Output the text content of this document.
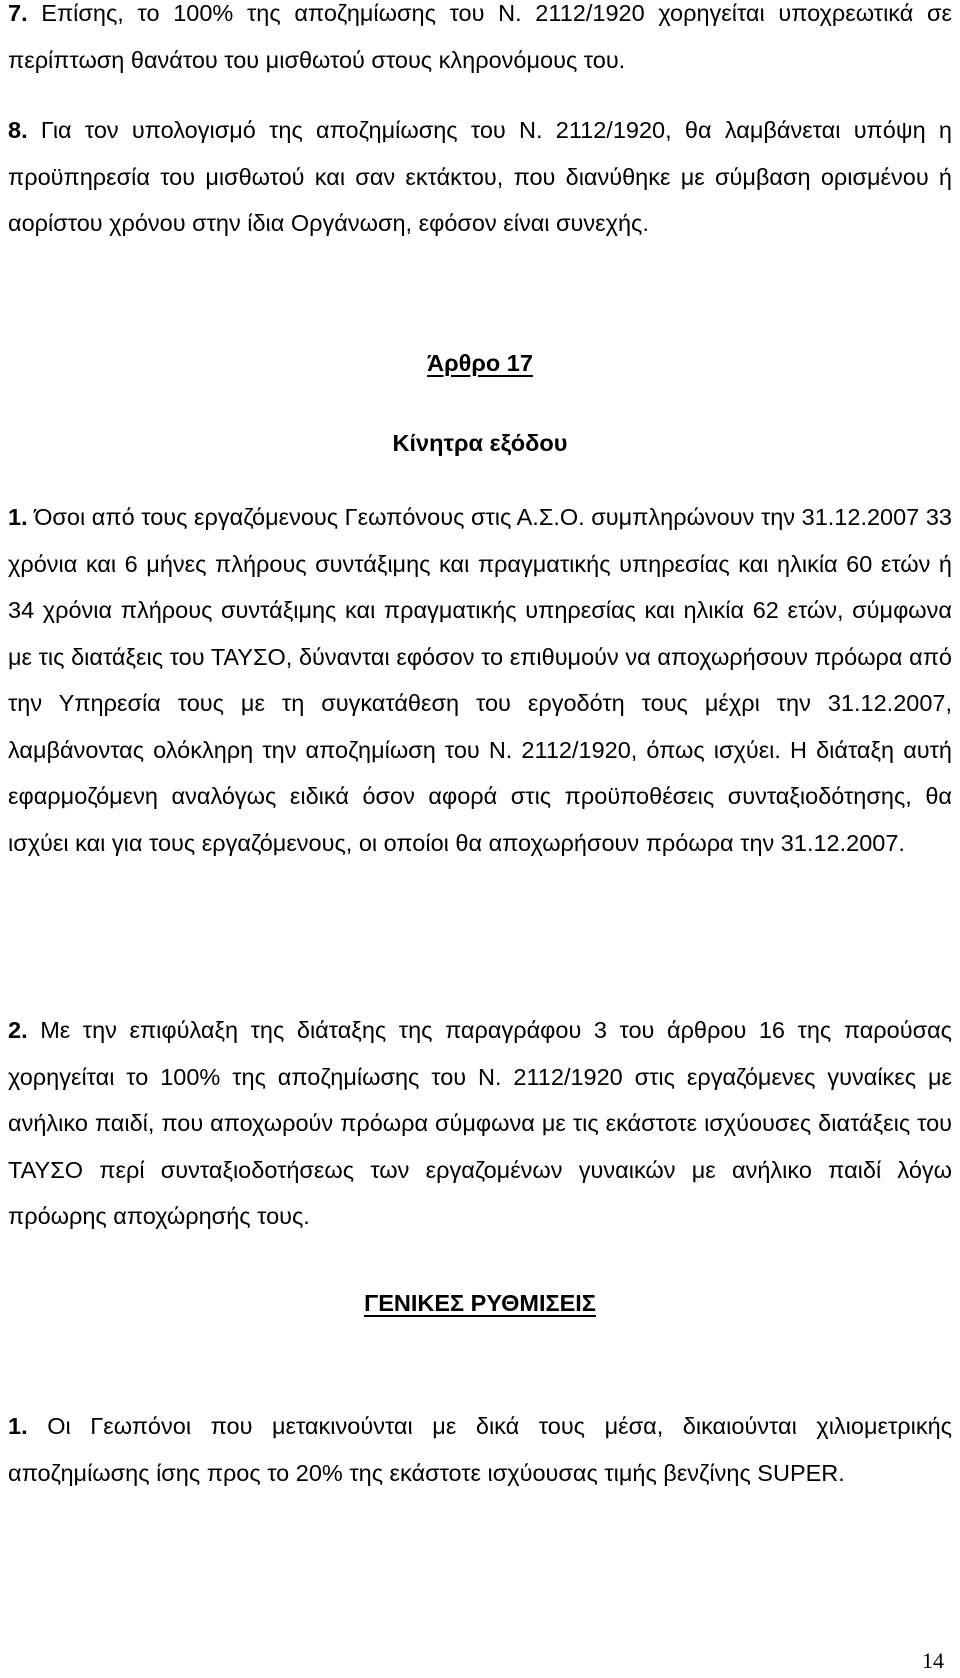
7. Επίσης, το 100% της αποζημίωσης του Ν. 2112/1920 χορηγείται υποχρεωτικά σε περίπτωση θανάτου του μισθωτού στους κληρονόμους του.

8. Για τον υπολογισμό της αποζημίωσης του Ν. 2112/1920, θα λαμβάνεται υπόψη η προϋπηρεσία του μισθωτού και σαν εκτάκτου, που διανύθηκε με σύμβαση ορισμένου ή αορίστου χρόνου στην ίδια Οργάνωση, εφόσον είναι συνεχής.

Άρθρο 17

Κίνητρα εξόδου

1. Όσοι από τους εργαζόμενους Γεωπόνους στις Α.Σ.Ο. συμπληρώνουν την 31.12.2007 33 χρόνια και 6 μήνες πλήρους συντάξιμης και πραγματικής υπηρεσίας και ηλικία 60 ετών ή 34 χρόνια πλήρους συντάξιμης και πραγματικής υπηρεσίας και ηλικία 62 ετών, σύμφωνα με τις διατάξεις του ΤΑΥΣΟ, δύνανται εφόσον το επιθυμούν να αποχωρήσουν πρόωρα από την Υπηρεσία τους με τη συγκατάθεση του εργοδότη τους μέχρι την 31.12.2007, λαμβάνοντας ολόκληρη την αποζημίωση του Ν. 2112/1920, όπως ισχύει. Η διάταξη αυτή εφαρμοζόμενη αναλόγως ειδικά όσον αφορά στις προϋποθέσεις συνταξιοδότησης, θα ισχύει και για τους εργαζόμενους, οι οποίοι θα αποχωρήσουν πρόωρα την 31.12.2007.

2. Με την επιφύλαξη της διάταξης της παραγράφου 3 του άρθρου 16 της παρούσας χορηγείται το 100% της αποζημίωσης του Ν. 2112/1920 στις εργαζόμενες γυναίκες με ανήλικο παιδί, που αποχωρούν πρόωρα σύμφωνα με τις εκάστοτε ισχύουσες διατάξεις του ΤΑΥΣΟ περί συνταξιοδοτήσεως των εργαζομένων γυναικών με ανήλικο παιδί λόγω πρόωρης αποχώρησής τους.

ΓΕΝΙΚΕΣ ΡΥΘΜΙΣΕΙΣ

1. Οι Γεωπόνοι που μετακινούνται με δικά τους μέσα, δικαιούνται χιλιομετρικής αποζημίωσης ίσης προς το 20% της εκάστοτε ισχύουσας τιμής βενζίνης SUPER.

14
